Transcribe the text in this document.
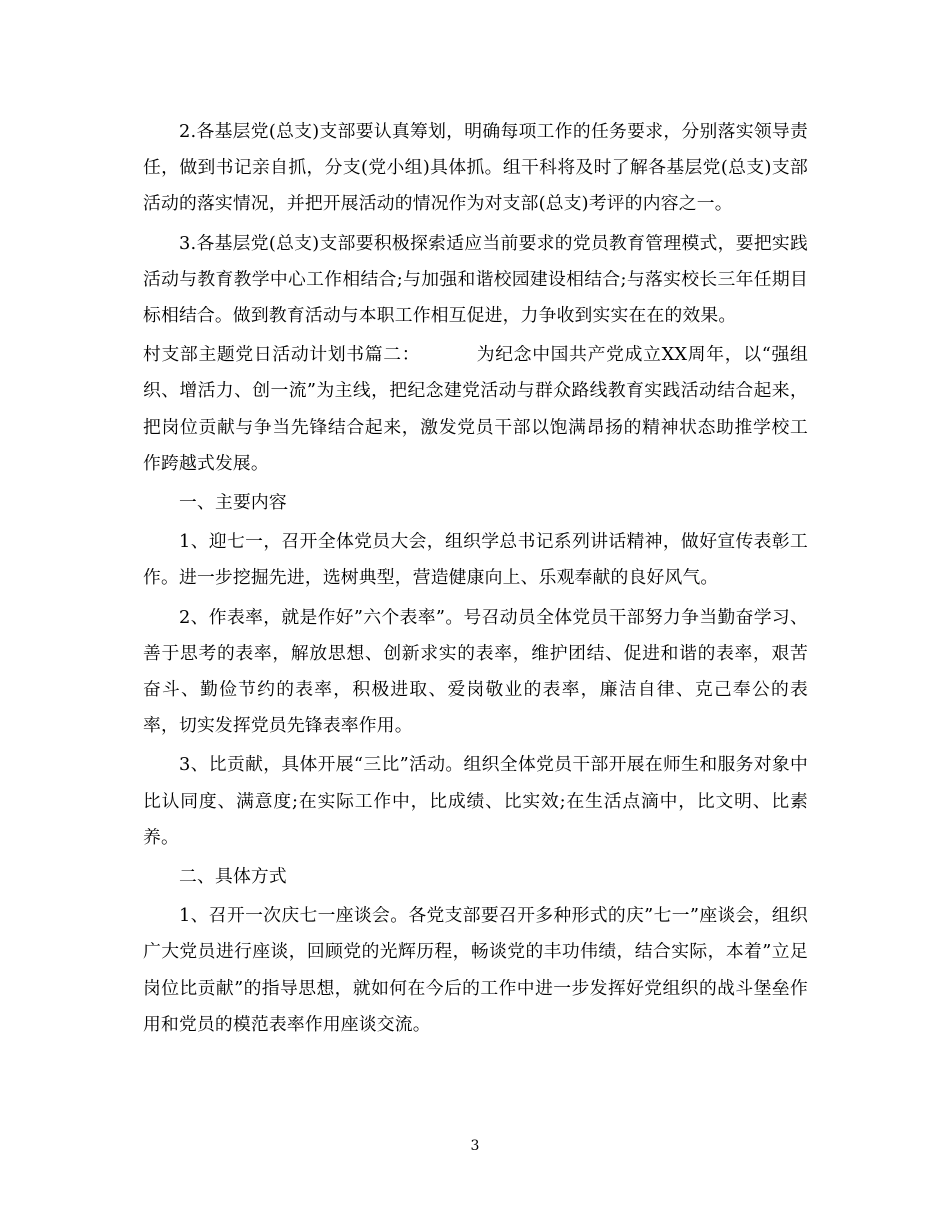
2.各基层党(总支)支部要认真筹划，明确每项工作的任务要求，分别落实领导责任，做到书记亲自抓，分支(党小组)具体抓。组干科将及时了解各基层党(总支)支部活动的落实情况，并把开展活动的情况作为对支部(总支)考评的内容之一。

3.各基层党(总支)支部要积极探索适应当前要求的党员教育管理模式，要把实践活动与教育教学中心工作相结合;与加强和谐校园建设相结合;与落实校长三年任期目标相结合。做到教育活动与本职工作相互促进，力争收到实实在在的效果。

村支部主题党日活动计划书篇二：	为纪念中国共产党成立XX周年，以“强组织、增活力、创一流”为主线，把纪念建党活动与群众路线教育实践活动结合起来，把岗位贡献与争当先锋结合起来，激发党员干部以饱满昂扬的精神状态助推学校工作跨越式发展。

一、主要内容

1、迎七一，召开全体党员大会，组织学总书记系列讲话精神，做好宣传表彰工作。进一步挖掘先进，选树典型，营造健康向上、乐观奉献的良好风气。

2、作表率，就是作好”六个表率”。号召动员全体党员干部努力争当勤奋学习、善于思考的表率，解放思想、创新求实的表率，维护团结、促进和谐的表率，艰苦奋斗、勤俭节约的表率，积极进取、爱岗敬业的表率，廉洁自律、克己奉公的表率，切实发挥党员先锋表率作用。

3、比贡献，具体开展“三比”活动。组织全体党员干部开展在师生和服务对象中比认同度、满意度;在实际工作中，比成绩、比实效;在生活点滴中，比文明、比素养。

二、具体方式

1、召开一次庆七一座谈会。各党支部要召开多种形式的庆”七一”座谈会，组织广大党员进行座谈，回顾党的光辉历程，畅谈党的丰功伟绩，结合实际，本着”立足岗位比贡献”的指导思想，就如何在今后的工作中进一步发挥好党组织的战斗堡垒作用和党员的模范表率作用座谈交流。

3
